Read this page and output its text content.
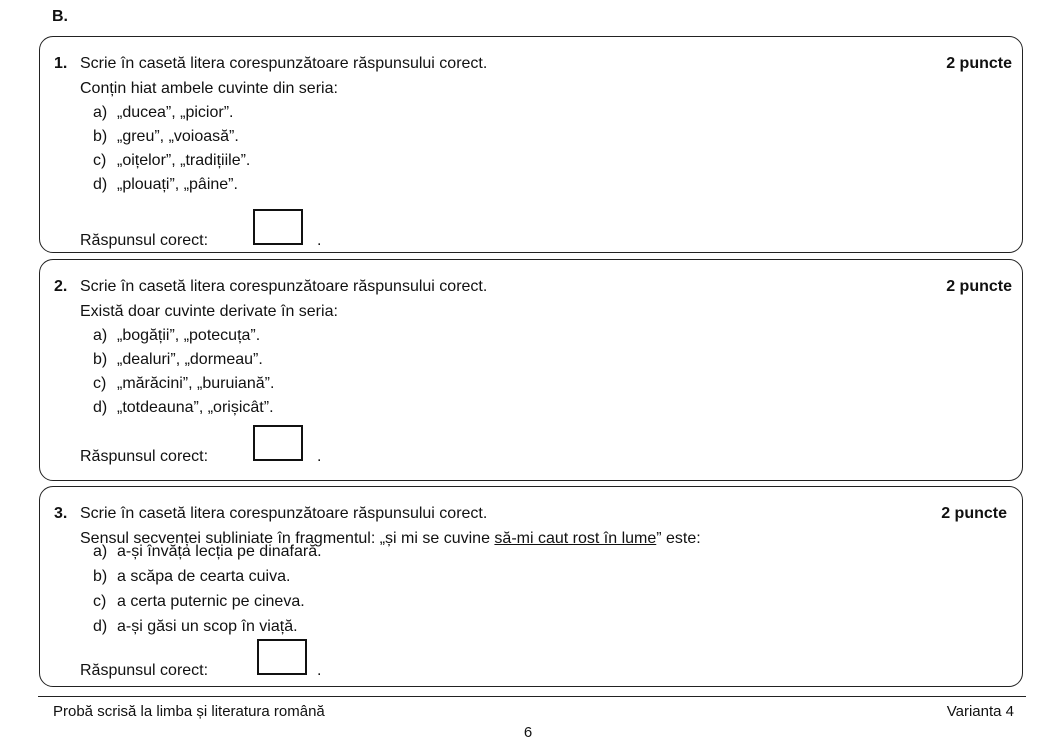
B.
1. Scrie în casetă litera corespunzătoare răspunsului corect.	2 puncte
Conțin hiat ambele cuvinte din seria:
a) „ducea”, „picior”.
b) „greu”, „voioasă”.
c) „oițelor”, „tradițiile”.
d) „plouați”, „pâine”.
Răspunsul corect:	.
2. Scrie în casetă litera corespunzătoare răspunsului corect.	2 puncte
Există doar cuvinte derivate în seria:
a) „bogății”, „potecuța”.
b) „dealuri”, „dormeau”.
c) „mărăcini”, „buruiană”.
d) „totdeauna”, „orișicât”.
Răspunsul corect:	.
3. Scrie în casetă litera corespunzătoare răspunsului corect.	2 puncte
Sensul secvenței subliniate în fragmentul: „și mi se cuvine să-mi caut rost în lume” este:
a) a-și învăța lecția pe dinafară.
b) a scăpa de cearta cuiva.
c) a certa puternic pe cineva.
d) a-și găsi un scop în viață.
Răspunsul corect:	.
Probă scrisă la limba și literatura română	Varianta 4
6
